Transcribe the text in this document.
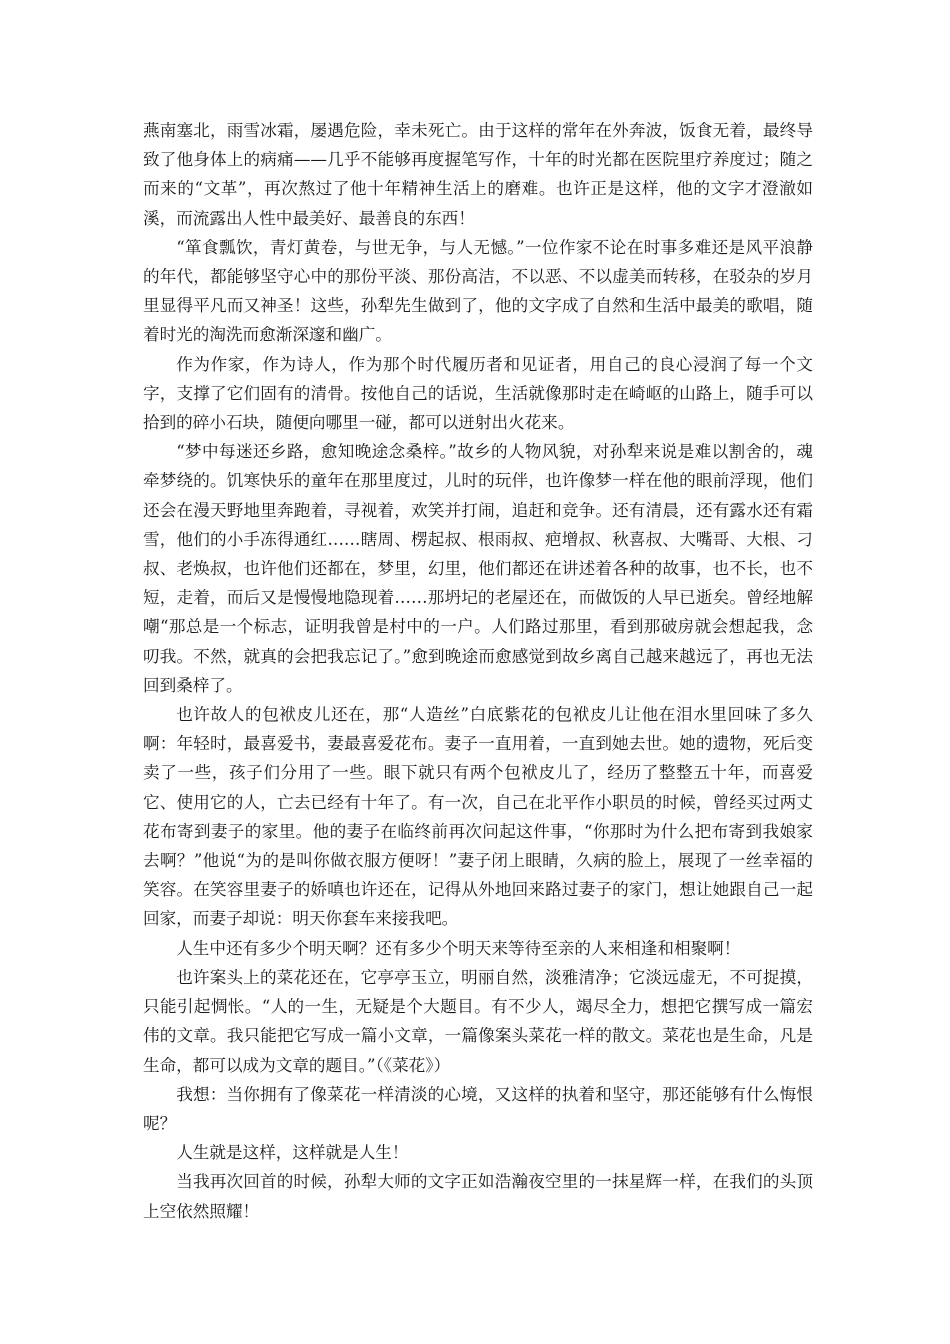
燕南塞北，雨雪冰霜，屡遇危险，幸未死亡。由于这样的常年在外奔波，饭食无着，最终导致了他身体上的病痛——几乎不能够再度握笔写作，十年的时光都在医院里疗养度过；随之而来的“文革”，再次熬过了他十年精神生活上的磨难。也许正是这样，他的文字才澄澈如溪，而流露出人性中最美好、最善良的东西！

“箪食瓢饮，青灯黄卷，与世无争，与人无憾。”一位作家不论在时事多难还是风平浪静的年代，都能够坚守心中的那份平淡、那份高洁，不以恶、不以虚美而转移，在驳杂的岁月里显得平凡而又神圣！这些，孙犁先生做到了，他的文字成了自然和生活中最美的歌唱，随着时光的淘洗而愈渐深邃和幽广。

作为作家，作为诗人，作为那个时代履历者和见证者，用自己的良心浸润了每一个文字，支撑了它们固有的清骨。按他自己的话说，生活就像那时走在崎岖的山路上，随手可以拾到的碎小石块，随便向哪里一碰，都可以迸射出火花来。

“梦中每迷还乡路，愈知晚途念桑梓。”故乡的人物风貌，对孙犁来说是难以割舍的，魂牵梦绕的。饥寒快乐的童年在那里度过，儿时的玩伴，也许像梦一样在他的眼前浮现，他们还会在漫天野地里奔跑着，寻视着，欢笑并打闹，追赶和竞争。还有清晨，还有露水还有霜雪，他们的小手冻得通红……瞎周、楞起叔、根雨叔、疤增叔、秋喜叔、大嘴哥、大根、刁叔、老焕叔，也许他们还都在，梦里，幻里，他们都还在讲述着各种的故事，也不长，也不短，走着，而后又是慢慢地隐现着……那坍圮的老屋还在，而做饭的人早已逝矣。曾经地解嘲“那总是一个标志，证明我曾是村中的一户。人们路过那里，看到那破房就会想起我，念叨我。不然，就真的会把我忘记了。”愈到晚途而愈感觉到故乡离自己越来越远了，再也无法回到桑梓了。

也许故人的包袱皮儿还在，那“人造丝”白底紫花的包袱皮儿让他在泪水里回味了多久啊：年轻时，最喜爱书，妻最喜爱花布。妻子一直用着，一直到她去世。她的遗物，死后变卖了一些，孩子们分用了一些。眼下就只有两个包袱皮儿了，经历了整整五十年，而喜爱它、使用它的人，亡去已经有十年了。有一次，自己在北平作小职员的时候，曾经买过两丈花布寄到妻子的家里。他的妻子在临终前再次问起这件事，“你那时为什么把布寄到我娘家去啊？”他说“为的是叫你做衣服方便呀！”妻子闭上眼睛，久病的脸上，展现了一丝幸福的笑容。在笑容里妻子的娇嗔也许还在，记得从外地回来路过妻子的家门，想让她跟自己一起回家，而妻子却说：明天你套车来接我吧。

人生中还有多少个明天啊？还有多少个明天来等待至亲的人来相逢和相聚啊！

也许案头上的菜花还在，它亭亭玉立，明丽自然，淡雅清净；它淡远虚无，不可捉摸，只能引起惆怅。“人的一生，无疑是个大题目。有不少人，竭尽全力，想把它撰写成一篇宏伟的文章。我只能把它写成一篇小文章，一篇像案头菜花一样的散文。菜花也是生命，凡是生命，都可以成为文章的题目。”（《菜花》）

我想：当你拥有了像菜花一样清淡的心境，又这样的执着和坚守，那还能够有什么悔恨呢？

人生就是这样，这样就是人生！

当我再次回首的时候，孙犁大师的文字正如浩瀚夜空里的一抹星辉一样，在我们的头顶上空依然照耀！
